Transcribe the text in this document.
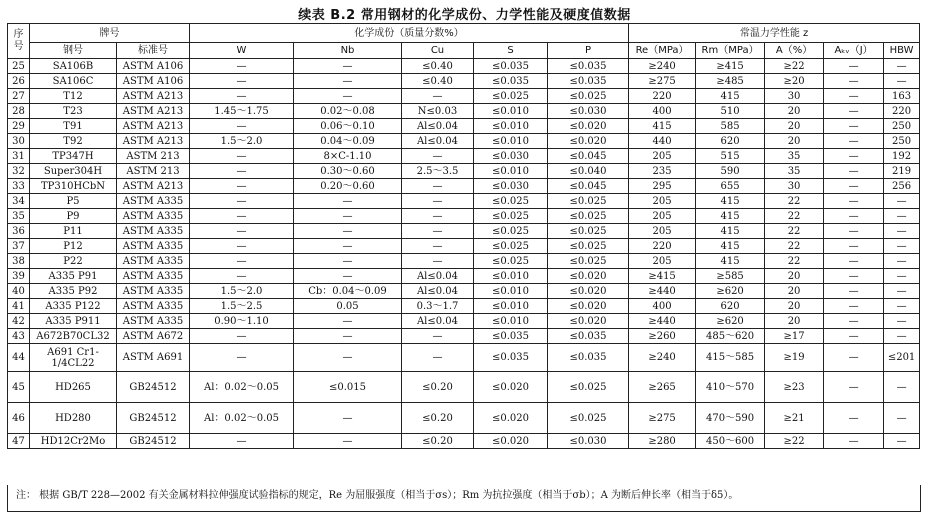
续表 B.2 常用钢材的化学成份、力学性能及硬度值数据
序号	牌号		化学成份（质量分数%）					常温力学性能 z				
	钢号	标准号	W	Nb	Cu	S	P	Re（MPa）	Rm（MPa）	A（%）	Aₖᵥ（J）	HBW
25	SA106B	ASTM A106	—	—	≤0.40	≤0.035	≤0.035	≥240	≥415	≥22	—	—
26	SA106C	ASTM A106	—	—	≤0.40	≤0.035	≤0.035	≥275	≥485	≥20	—	—
27	T12	ASTM A213	—	—	—	≤0.025	≤0.025	220	415	30	—	163
28	T23	ASTM A213	1.45～1.75	0.02～0.08	N≤0.03	≤0.010	≤0.030	400	510	20	—	220
29	T91	ASTM A213	—	0.06～0.10	Al≤0.04	≤0.010	≤0.020	415	585	20	—	250
30	T92	ASTM A213	1.5～2.0	0.04～0.09	Al≤0.04	≤0.010	≤0.020	440	620	20	—	250
31	TP347H	ASTM 213	—	8×C-1.10	—	≤0.030	≤0.045	205	515	35	—	192
32	Super304H	ASTM 213	—	0.30～0.60	2.5～3.5	≤0.010	≤0.040	235	590	35	—	219
33	TP310HCbN	ASTM A213	—	0.20～0.60	—	≤0.030	≤0.045	295	655	30	—	256
34	P5	ASTM A335	—	—	—	≤0.025	≤0.025	205	415	22	—	—
35	P9	ASTM A335	—	—	—	≤0.025	≤0.025	205	415	22	—	—
36	P11	ASTM A335	—	—	—	≤0.025	≤0.025	205	415	22	—	—
37	P12	ASTM A335	—	—	—	≤0.025	≤0.025	220	415	22	—	—
38	P22	ASTM A335	—	—	—	≤0.025	≤0.025	205	415	22	—	—
39	A335 P91	ASTM A335	—	—	Al≤0.04	≤0.010	≤0.020	≥415	≥585	20	—	—
40	A335 P92	ASTM A335	1.5～2.0	Cb：0.04～0.09	Al≤0.04	≤0.010	≤0.020	≥440	≥620	20	—	—
41	A335 P122	ASTM A335	1.5～2.5	0.05	0.3～1.7	≤0.010	≤0.020	400	620	20	—	—
42	A335 P911	ASTM A335	0.90～1.10	—	Al≤0.04	≤0.010	≤0.020	≥440	≥620	20	—	—
43	A672B70CL32	ASTM A672	—	—	—	≤0.035	≤0.035	≥260	485～620	≥17	—	—
44	A691 Cr1-1/4CL22	ASTM A691	—	—	—	≤0.035	≤0.035	≥240	415～585	≥19	—	≤201
45	HD265	GB24512	Al：0.02～0.05	≤0.015	≤0.20	≤0.020	≤0.025	≥265	410～570	≥23	—	—
46	HD280	GB24512	Al：0.02～0.05	—	≤0.20	≤0.020	≤0.025	≥275	470～590	≥21	—	—
47	HD12Cr2Mo	GB24512	—	—	≤0.20	≤0.020	≤0.030	≥280	450～600	≥22	—	—
注： 根据 GB/T 228—2002 有关金属材料拉伸强度试验指标的规定，Re 为屈服强度（相当于σs）；Rm 为抗拉强度（相当于σb）；A 为断后伸长率（相当于δ5）。
